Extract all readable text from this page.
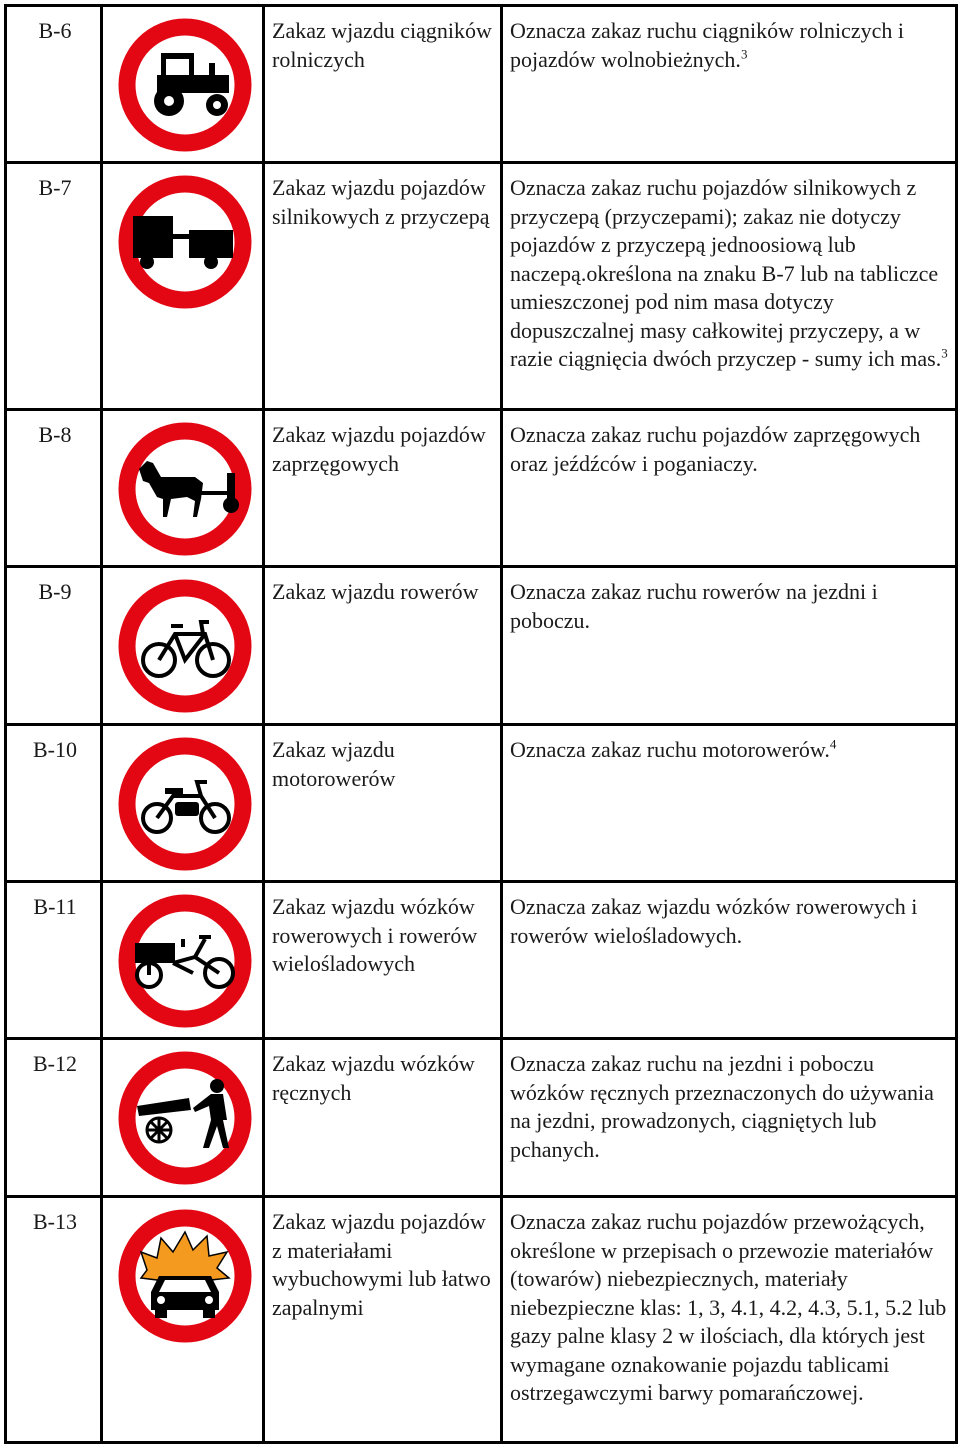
B-6		Zakaz wjazdu ciągników rolniczych	Oznacza zakaz ruchu ciągników rolniczych i pojazdów wolnobieżnych.$^3$
B-7		Zakaz wjazdu pojazdów silnikowych z przyczepą	Oznacza zakaz ruchu pojazdów silnikowych z przyczepą (przyczepami); zakaz nie dotyczy pojazdów z przyczepą jednoosiową lub naczepą.określona na znaku B-7 lub na tabliczce umieszczonej pod nim masa dotyczy dopuszczalnej masy całkowitej przyczepy, a w razie ciągnięcia dwóch przyczep - sumy ich mas.$^3$
B-8		Zakaz wjazdu pojazdów zaprzęgowych	Oznacza zakaz ruchu pojazdów zaprzęgowych oraz jeźdźców i poganiaczy.
B-9		Zakaz wjazdu rowerów	Oznacza zakaz ruchu rowerów na jezdni i poboczu.
B-10		Zakaz wjazdu motorowerów	Oznacza zakaz ruchu motorowerów.$^4$
B-11		Zakaz wjazdu wózków rowerowych i rowerów wielośladowych	Oznacza zakaz wjazdu wózków rowerowych i rowerów wielośladowych.
B-12		Zakaz wjazdu wózków ręcznych	Oznacza zakaz ruchu na jezdni i poboczu wózków ręcznych przeznaczonych do używania na jezdni, prowadzonych, ciągniętych lub pchanych.
B-13		Zakaz wjazdu pojazdów z materiałami wybuchowymi lub łatwo zapalnymi	Oznacza zakaz ruchu pojazdów przewożących, określone w przepisach o przewozie materiałów (towarów) niebezpiecznych, materiały niebezpieczne klas: 1, 3, 4.1, 4.2, 4.3, 5.1, 5.2 lub gazy palne klasy 2 w ilościach, dla których jest wymagane oznakowanie pojazdu tablicami ostrzegawczymi barwy pomarańczowej.
